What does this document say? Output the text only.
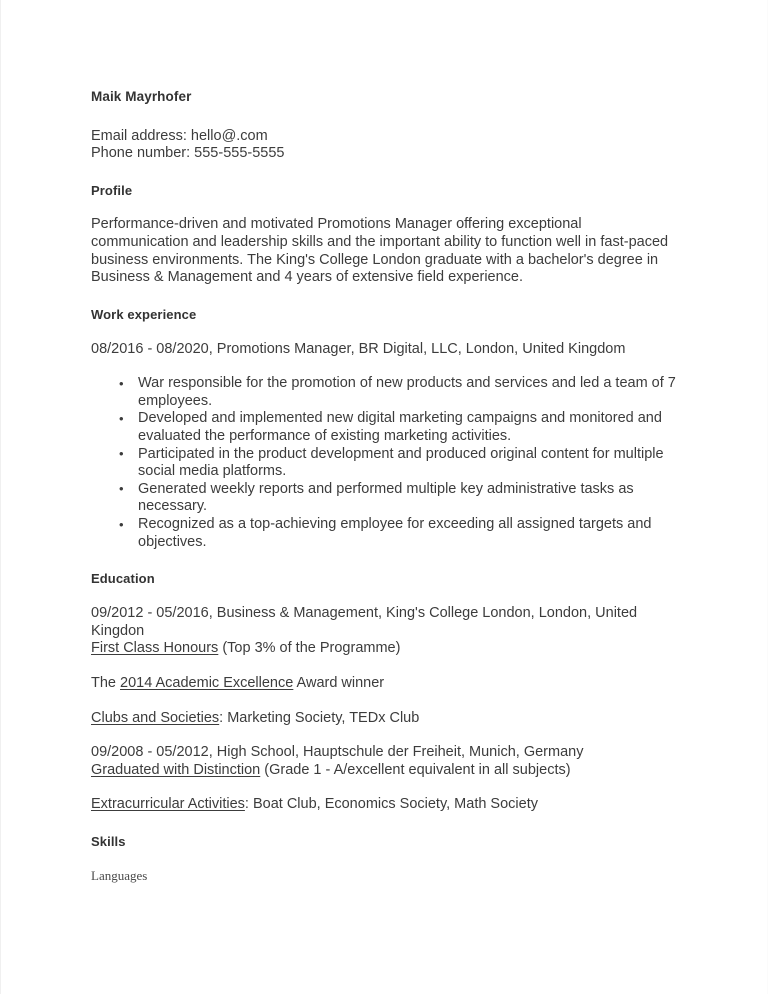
Maik Mayrhofer

Email address: hello@.com

Phone number: 555-555-5555

Profile

Performance-driven and motivated Promotions Manager offering exceptional communication and leadership skills and the important ability to function well in fast-paced business environments. The King's College London graduate with a bachelor's degree in Business & Management and 4 years of extensive field experience.

Work experience

08/2016 - 08/2020, Promotions Manager, BR Digital, LLC, London, United Kingdom

• War responsible for the promotion of new products and services and led a team of 7 employees.
• Developed and implemented new digital marketing campaigns and monitored and evaluated the performance of existing marketing activities.
• Participated in the product development and produced original content for multiple social media platforms.
• Generated weekly reports and performed multiple key administrative tasks as necessary.
• Recognized as a top-achieving employee for exceeding all assigned targets and objectives.
Education

09/2012 - 05/2016, Business & Management, King's College London, London, United Kingdon
First Class Honours (Top 3% of the Programme)

The 2014 Academic Excellence Award winner

Clubs and Societies: Marketing Society, TEDx Club

09/2008 - 05/2012, High School, Hauptschule der Freiheit, Munich, Germany
Graduated with Distinction (Grade 1 - A/excellent equivalent in all subjects)

Extracurricular Activities: Boat Club, Economics Society, Math Society

Skills

Languages
